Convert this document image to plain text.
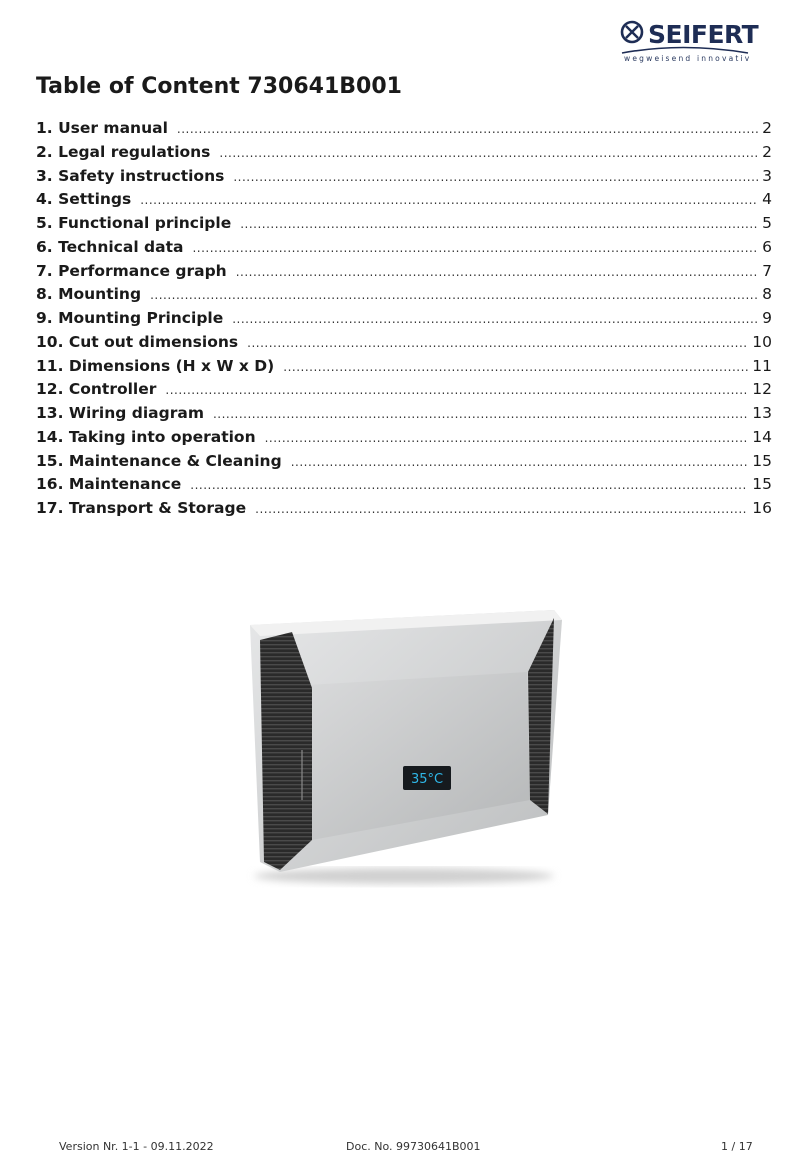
SEIFERT
wegweisend innovativ
Table of Content 730641B001
1. User manual .....	2
2. Legal regulations .....	2
3. Safety instructions .....	3
4. Settings .....	4
5. Functional principle .....	5
6. Technical data .....	6
7. Performance graph .....	7
8. Mounting .....	8
9. Mounting Principle .....	9
10. Cut out dimensions .....	10
11. Dimensions (H x W x D) .....	11
12. Controller .....	12
13. Wiring diagram .....	13
14. Taking into operation .....	14
15. Maintenance & Cleaning .....	15
16. Maintenance .....	15
17. Transport & Storage .....	16
35°C
Version Nr. 1-1 - 09.11.2022	Doc. No. 99730641B001	1 / 17
